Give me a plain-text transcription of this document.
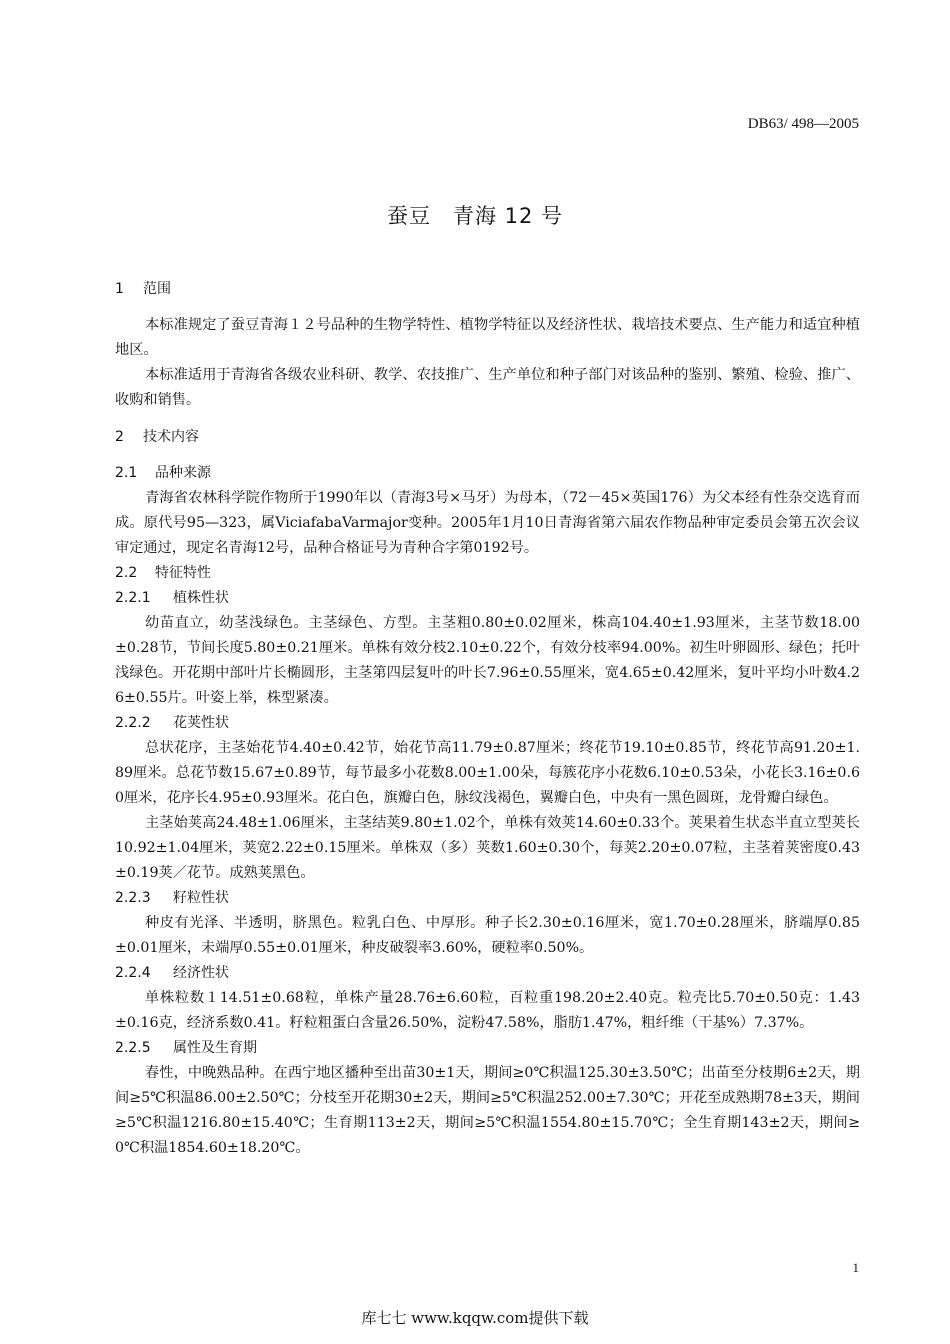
DB63/ 498—2005
蚕豆　青海 12 号
1 范围

本标准规定了蚕豆青海１２号品种的生物学特性、植物学特征以及经济性状、栽培技术要点、生产能力和适宜种植地区。

本标准适用于青海省各级农业科研、教学、农技推广、生产单位和种子部门对该品种的鉴别、繁殖、检验、推广、收购和销售。

2 技术内容
2.1 品种来源

青海省农林科学院作物所于1990年以（青海3号×马牙）为母本，（72－45×英国176）为父本经有性杂交选育而成。原代号95—323，属ViciafabaVarmajor变种。2005年1月10日青海省第六届农作物品种审定委员会第五次会议审定通过，现定名青海12号，品种合格证号为青种合字第0192号。

2.2 特征特性
2.2.1 植株性状

幼苗直立，幼茎浅绿色。主茎绿色、方型。主茎粗0.80±0.02厘米，株高104.40±1.93厘米，主茎节数18.00±0.28节，节间长度5.80±0.21厘米。单株有效分枝2.10±0.22个，有效分枝率94.00%。初生叶卵圆形、绿色；托叶浅绿色。开花期中部叶片长椭圆形，主茎第四层复叶的叶长7.96±0.55厘米，宽4.65±0.42厘米，复叶平均小叶数4.26±0.55片。叶姿上举，株型紧凑。

2.2.2 花荚性状

总状花序，主茎始花节4.40±0.42节，始花节高11.79±0.87厘米；终花节19.10±0.85节，终花节高91.20±1.89厘米。总花节数15.67±0.89节，每节最多小花数8.00±1.00朵，每簇花序小花数6.10±0.53朵，小花长3.16±0.60厘米，花序长4.95±0.93厘米。花白色，旗瓣白色，脉纹浅褐色，翼瓣白色，中央有一黑色圆斑，龙骨瓣白绿色。

主茎始荚高24.48±1.06厘米，主茎结荚9.80±1.02个，单株有效荚14.60±0.33个。荚果着生状态半直立型荚长10.92±1.04厘米，荚宽2.22±0.15厘米。单株双（多）荚数1.60±0.30个，每荚2.20±0.07粒，主茎着荚密度0.43±0.19荚／花节。成熟荚黑色。

2.2.3 籽粒性状

种皮有光泽、半透明，脐黑色。粒乳白色、中厚形。种子长2.30±0.16厘米，宽1.70±0.28厘米，脐端厚0.85±0.01厘米，未端厚0.55±0.01厘米，种皮破裂率3.60%，硬粒率0.50%。

2.2.4 经济性状

单株粒数１14.51±0.68粒，单株产量28.76±6.60粒，百粒重198.20±2.40克。粒壳比5.70±0.50克：1.43±0.16克，经济系数0.41。籽粒粗蛋白含量26.50%，淀粉47.58%，脂肪1.47%，粗纤维（干基%）7.37%。

2.2.5 属性及生育期

春性，中晚熟品种。在西宁地区播种至出苗30±1天，期间≥0℃积温125.30±3.50℃；出苗至分枝期6±2天，期间≥5℃积温86.00±2.50℃；分枝至开花期30±2天，期间≥5℃积温252.00±7.30℃；开花至成熟期78±3天，期间≥5℃积温1216.80±15.40℃；生育期113±2天，期间≥5℃积温1554.80±15.70℃；全生育期143±2天，期间≥0℃积温1854.60±18.20℃。

1
库七七 www.kqqw.com提供下载
